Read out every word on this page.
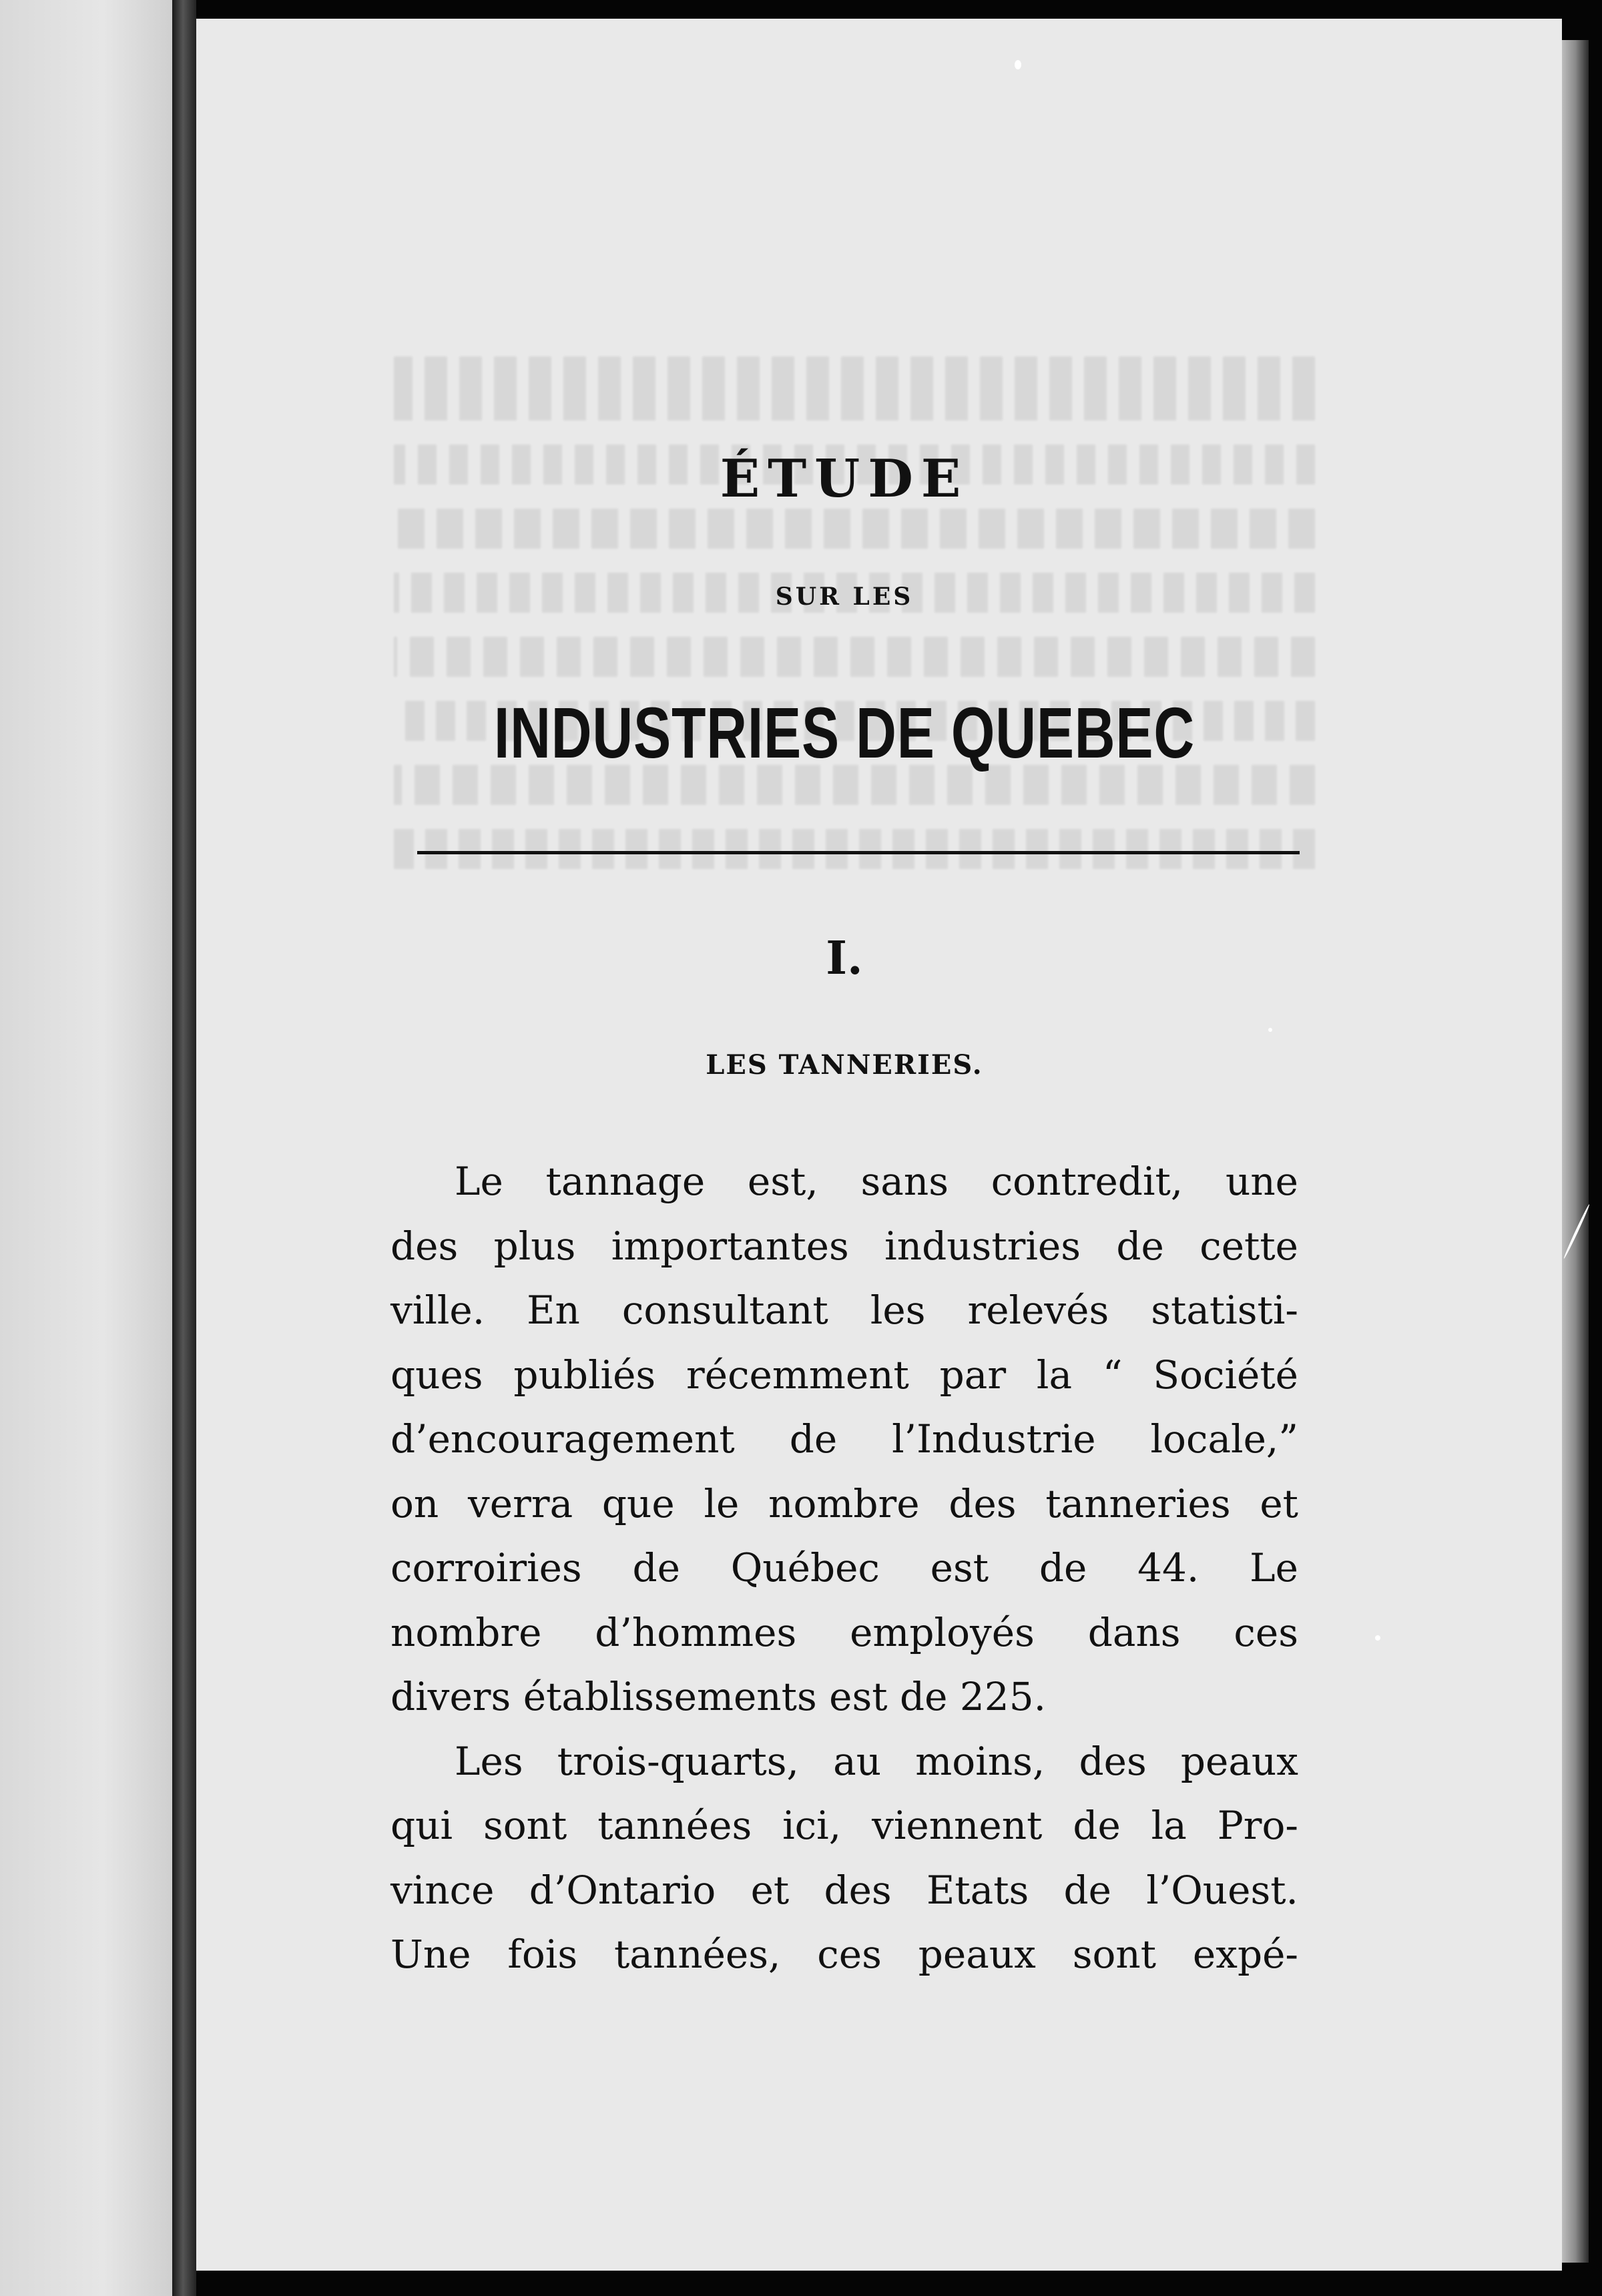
ÉTUDE
SUR LES
INDUSTRIES DE QUEBEC
I.
LES TANNERIES.
Le tannage est, sans contredit, une
des plus importantes industries de cette
ville. En consultant les relevés statisti-
ques publiés récemment par la “ Société
d’encouragement de l’Industrie locale,”
on verra que le nombre des tanneries et
corroiries de Québec est de 44. Le
nombre d’hommes employés dans ces
divers établissements est de 225.
Les trois-quarts, au moins, des peaux
qui sont tannées ici, viennent de la Pro-
vince d’Ontario et des Etats de l’Ouest.
Une fois tannées, ces peaux sont expé-
